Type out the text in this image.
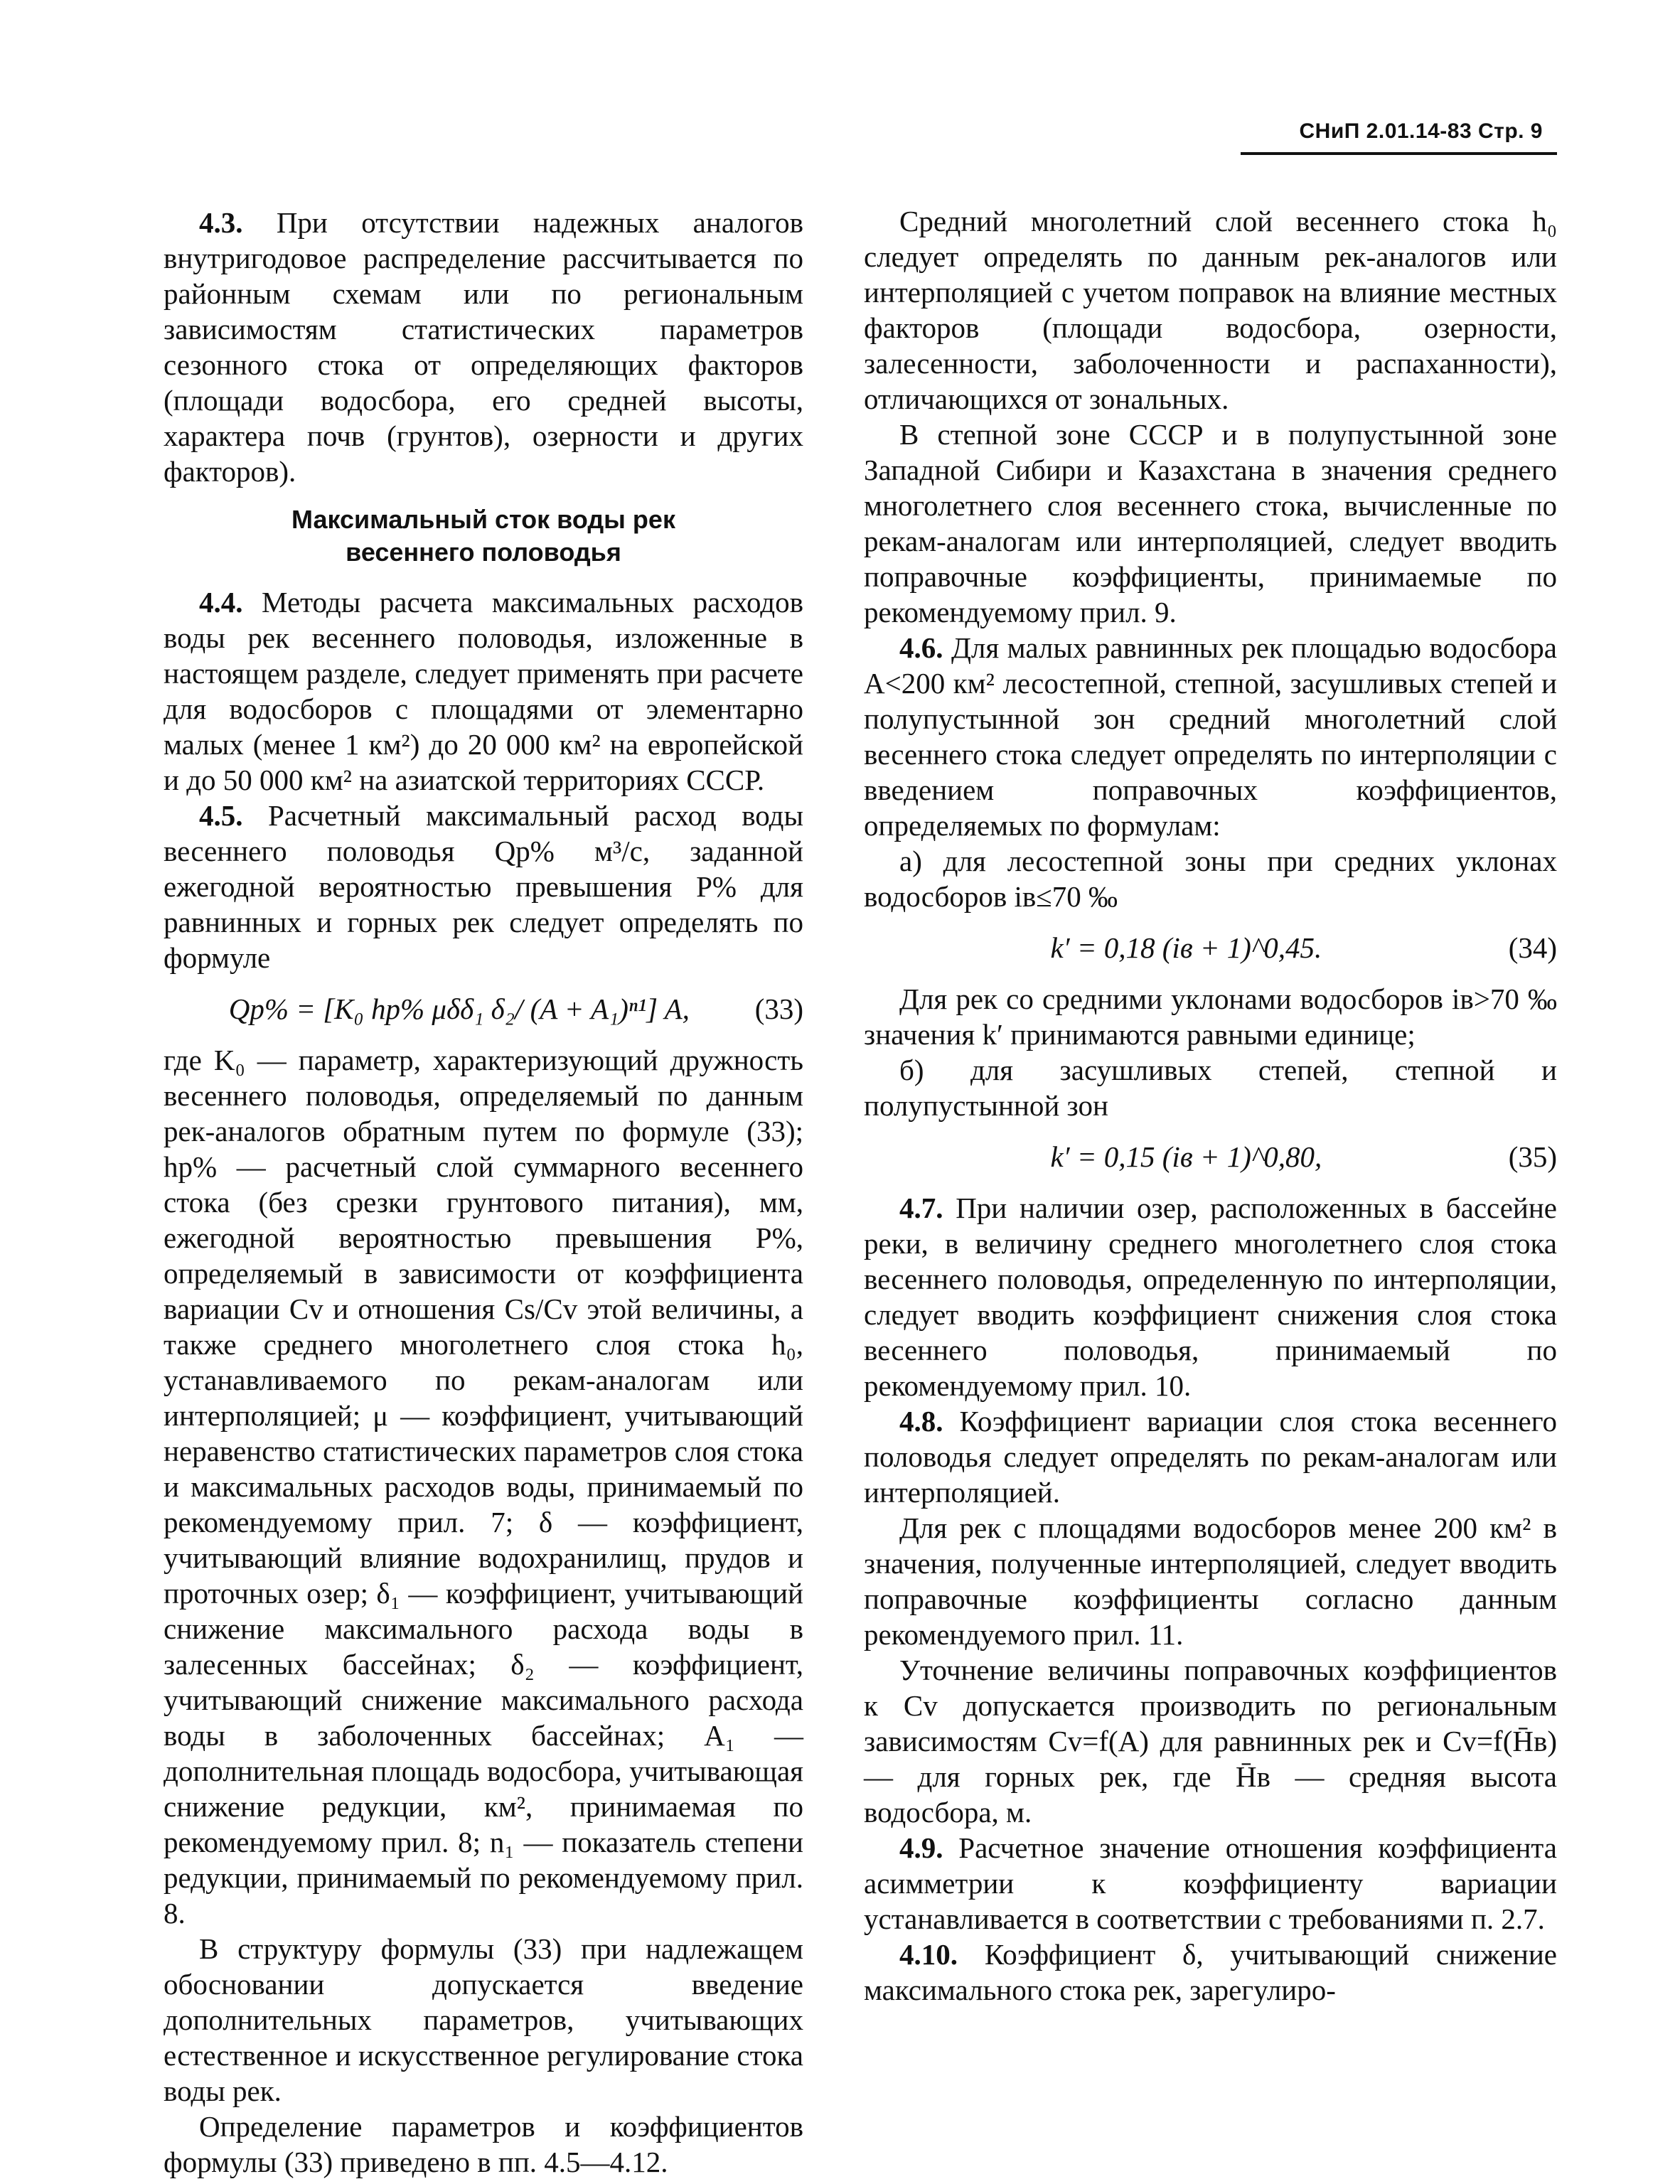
СНиП 2.01.14-83 Стр. 9

4.3. При отсутствии надежных аналогов внутригодовое распределение рассчитывается по районным схемам или по региональным зависимостям статистических параметров сезонного стока от определяющих факторов (площади водосбора, его средней высоты, характера почв (грунтов), озерности и других факторов).

Максимальный сток воды рек
весеннего половодья

4.4. Методы расчета максимальных расходов воды рек весеннего половодья, изложенные в настоящем разделе, следует применять при расчете для водосборов с площадями от элементарно малых (менее 1 км²) до 20 000 км² на европейской и до 50 000 км² на азиатской территориях СССР.

4.5. Расчетный максимальный расход воды весеннего половодья Qp% м³/с, заданной ежегодной вероятностью превышения P% для равнинных и горных рек следует определять по формуле

Qp% = [K₀ hp% μδδ₁ δ₂/ (A + A₁)ⁿ¹] A,	(33)

где K₀ — параметр, характеризующий дружность весеннего половодья, определяемый по данным рек-аналогов обратным путем по формуле (33); hp% — расчетный слой суммарного весеннего стока (без срезки грунтового питания), мм, ежегодной вероятностью превышения P%, определяемый в зависимости от коэффициента вариации Cv и отношения Cs/Cv этой величины, а также среднего многолетнего слоя стока h₀, устанавливаемого по рекам-аналогам или интерполяцией; μ — коэффициент, учитывающий неравенство статистических параметров слоя стока и максимальных расходов воды, принимаемый по рекомендуемому прил. 7; δ — коэффициент, учитывающий влияние водохранилищ, прудов и проточных озер; δ₁ — коэффициент, учитывающий снижение максимального расхода воды в залесенных бассейнах; δ₂ — коэффициент, учитывающий снижение максимального расхода воды в заболоченных бассейнах; A₁ — дополнительная площадь водосбора, учитывающая снижение редукции, км², принимаемая по рекомендуемому прил. 8; n₁ — показатель степени редукции, принимаемый по рекомендуемому прил. 8.

В структуру формулы (33) при надлежащем обосновании допускается введение дополнительных параметров, учитывающих естественное и искусственное регулирование стока воды рек.

Определение параметров и коэффициентов формулы (33) приведено в пп. 4.5—4.12.

Средний многолетний слой весеннего стока h₀ следует определять по данным рек-аналогов или интерполяцией с учетом поправок на влияние местных факторов (площади водосбора, озерности, залесенности, заболоченности и распаханности), отличающихся от зональных.

В степной зоне СССР и в полупустынной зоне Западной Сибири и Казахстана в значения среднего многолетнего слоя весеннего стока, вычисленные по рекам-аналогам или интерполяцией, следует вводить поправочные коэффициенты, принимаемые по рекомендуемому прил. 9.

4.6. Для малых равнинных рек площадью водосбора A<200 км² лесостепной, степной, засушливых степей и полупустынной зон средний многолетний слой весеннего стока следует определять по интерполяции с введением поправочных коэффициентов, определяемых по формулам:

а) для лесостепной зоны при средних уклонах водосборов iв≤70 ‰

k′ = 0,18 (iв + 1)^0,45.	(34)

Для рек со средними уклонами водосборов iв>70 ‰ значения k′ принимаются равными единице;

б) для засушливых степей, степной и полупустынной зон

k′ = 0,15 (iв + 1)^0,80,	(35)

4.7. При наличии озер, расположенных в бассейне реки, в величину среднего многолетнего слоя стока весеннего половодья, определенную по интерполяции, следует вводить коэффициент снижения слоя стока весеннего половодья, принимаемый по рекомендуемому прил. 10.

4.8. Коэффициент вариации слоя стока весеннего половодья следует определять по рекам-аналогам или интерполяцией.

Для рек с площадями водосборов менее 200 км² в значения, полученные интерполяцией, следует вводить поправочные коэффициенты согласно данным рекомендуемого прил. 11.

Уточнение величины поправочных коэффициентов к Cv допускается производить по региональным зависимостям Cv=f(A) для равнинных рек и Cv=f(H̄в) — для горных рек, где H̄в — средняя высота водосбора, м.

4.9. Расчетное значение отношения коэффициента асимметрии к коэффициенту вариации устанавливается в соответствии с требованиями п. 2.7.

4.10. Коэффициент δ, учитывающий снижение максимального стока рек, зарегулиро-
